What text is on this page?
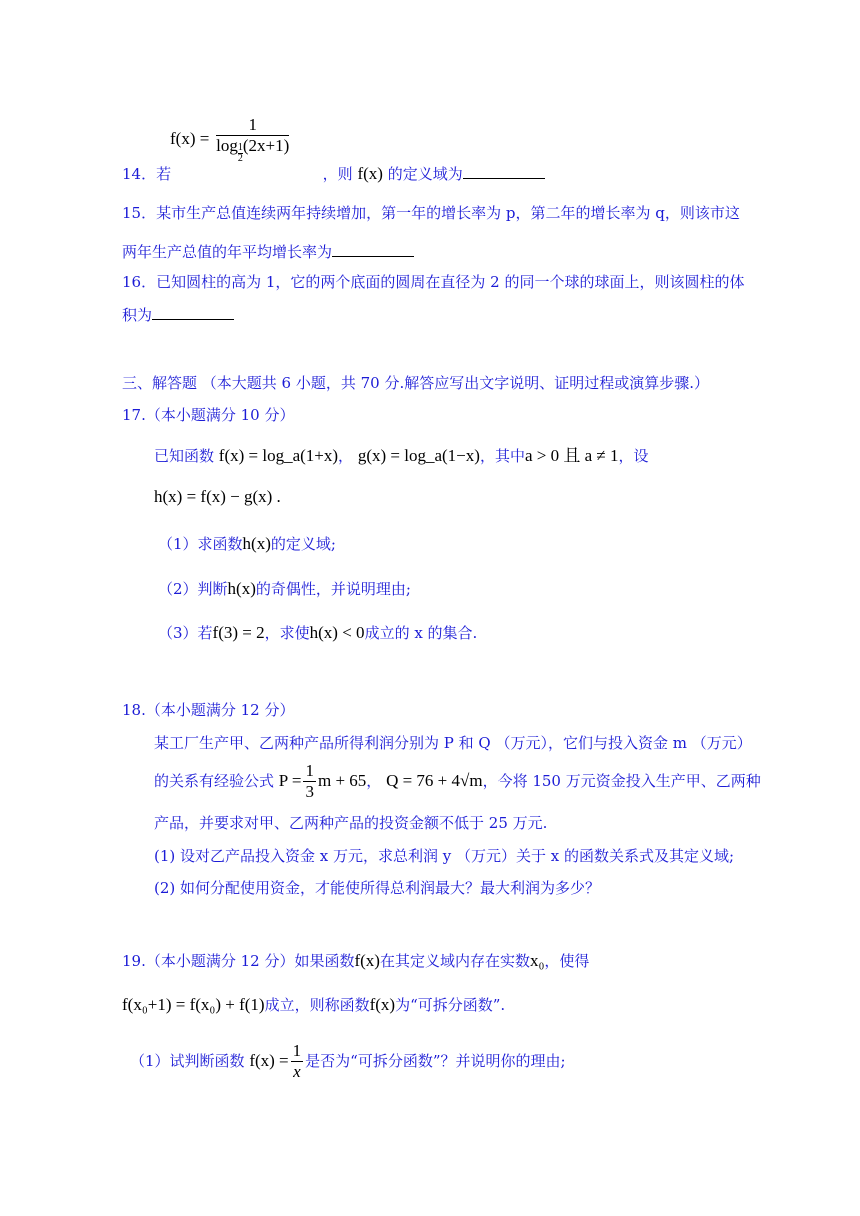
$f(x) = \frac{1}{\log \frac{1}{2} (2x+1)}$
14．若	，则 f(x) 的定义域为
15．某市生产总值连续两年持续增加，第一年的增长率为 p，第二年的增长率为 q，则该市这
两年生产总值的年平均增长率为
16．已知圆柱的高为 1，它的两个底面的圆周在直径为 2 的同一个球的球面上，则该圆柱的体
积为
三、解答题 （本大题共 6 小题，共 70 分.解答应写出文字说明、证明过程或演算步骤.）
17.（本小题满分 10 分）
已知函数 f(x) = log_a(1+x)， g(x) = log_a(1−x)，其中a > 0 且 a ≠ 1，设
h(x) = f(x) − g(x) .
（1）求函数h(x)的定义域;
（2）判断h(x)的奇偶性，并说明理由;
（3）若f(3) = 2，求使h(x) < 0成立的 x 的集合.
18.（本小题满分 12 分）
某工厂生产甲、乙两种产品所得利润分别为 P 和 Q （万元），它们与投入资金 m （万元）
的关系有经验公式 $P = \frac{1}{3}$ m + 65， Q = 76 + 4√m，今将 150 万元资金投入生产甲、乙两种
产品，并要求对甲、乙两种产品的投资金额不低于 25 万元.
(1) 设对乙产品投入资金 x 万元，求总利润 y （万元）关于 x 的函数关系式及其定义域;
(2) 如何分配使用资金，才能使所得总利润最大？最大利润为多少？
19.（本小题满分 12 分）如果函数f(x)在其定义域内存在实数x₀，使得
f(x₀+1) = f(x₀) + f(1)成立，则称函数f(x)为“可拆分函数”.
（1）试判断函数 $f(x) = \frac{1}{x}$ 是否为“可拆分函数”？并说明你的理由;
